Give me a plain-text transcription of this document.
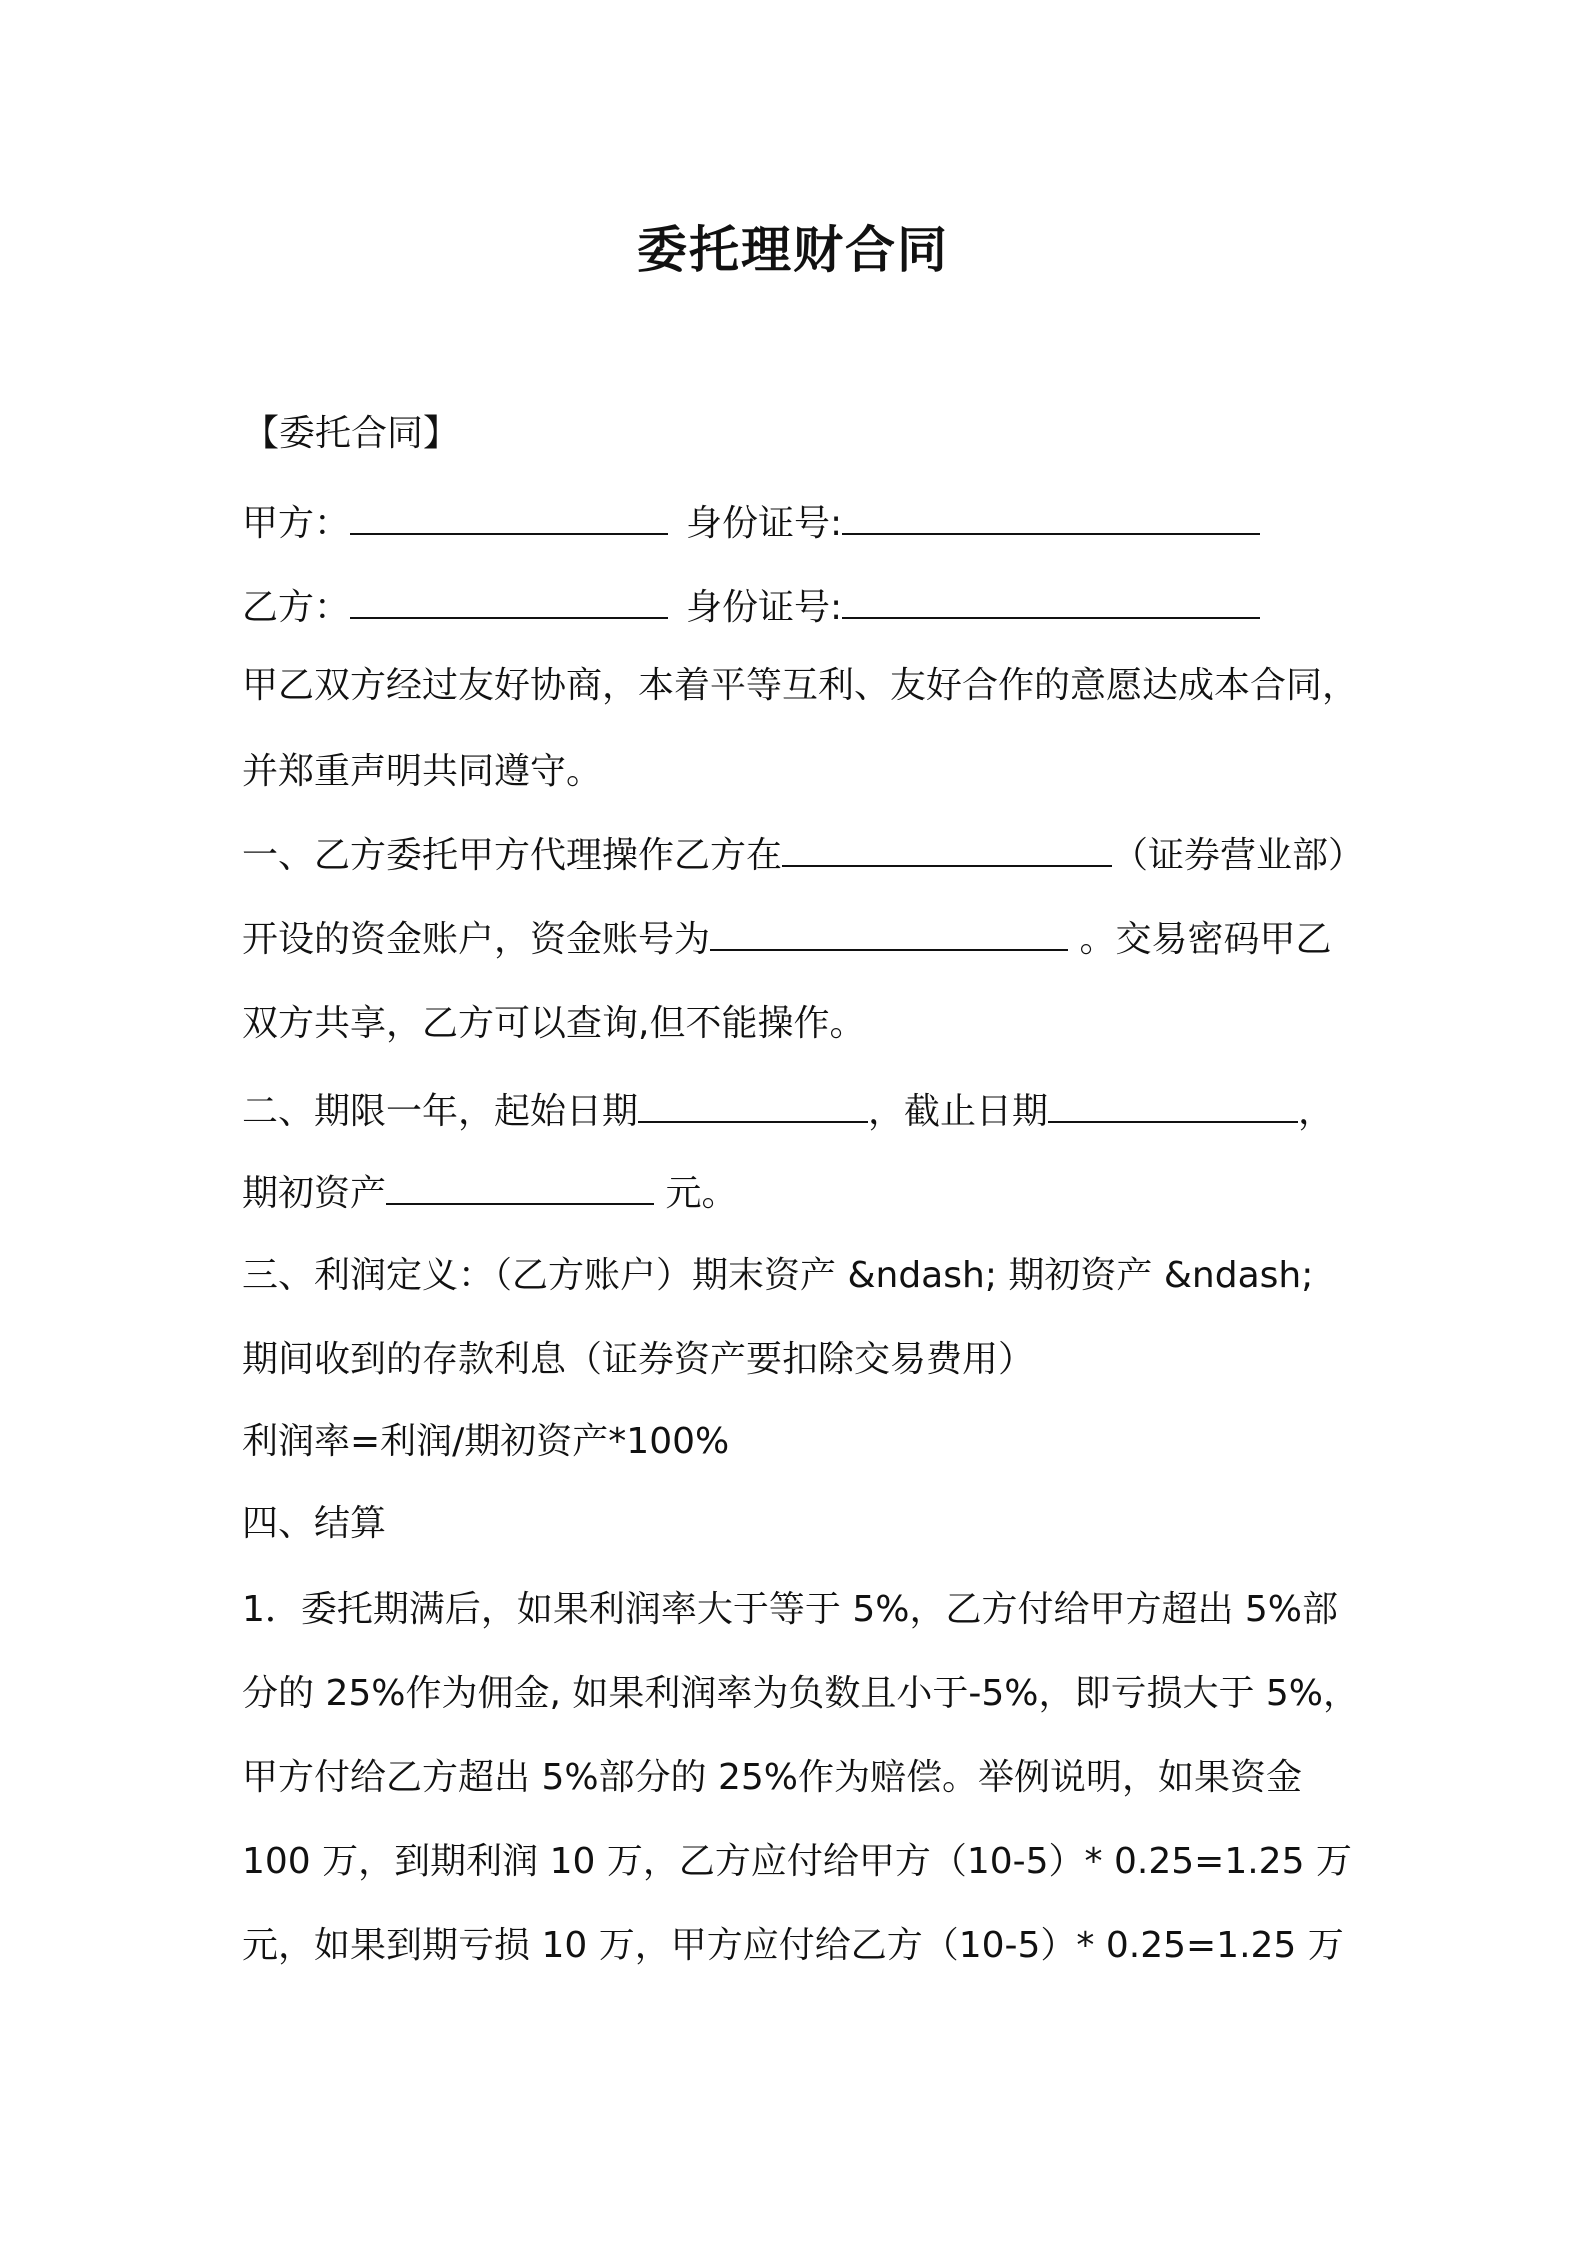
委托理财合同
【委托合同】
甲方：	身份证号:
乙方：	身份证号:
甲乙双方经过友好协商，本着平等互利、友好合作的意愿达成本合同，
并郑重声明共同遵守。
一、乙方委托甲方代理操作乙方在	（证券营业部）
开设的资金账户，资金账号为	。交易密码甲乙
双方共享，乙方可以查询,但不能操作。
二、期限一年，起始日期	，截止日期	，
期初资产	元。
三、利润定义：（乙方账户）期末资产 &ndash; 期初资产 &ndash;
期间收到的存款利息（证券资产要扣除交易费用）
利润率=利润/期初资产*100%
四、结算
1．委托期满后，如果利润率大于等于 5%，乙方付给甲方超出 5%部
分的 25%作为佣金, 如果利润率为负数且小于-5%，即亏损大于 5%，
甲方付给乙方超出 5%部分的 25%作为赔偿。举例说明，如果资金
100 万，到期利润 10 万，乙方应付给甲方（10-5）* 0.25=1.25 万
元，如果到期亏损 10 万，甲方应付给乙方（10-5）* 0.25=1.25 万
